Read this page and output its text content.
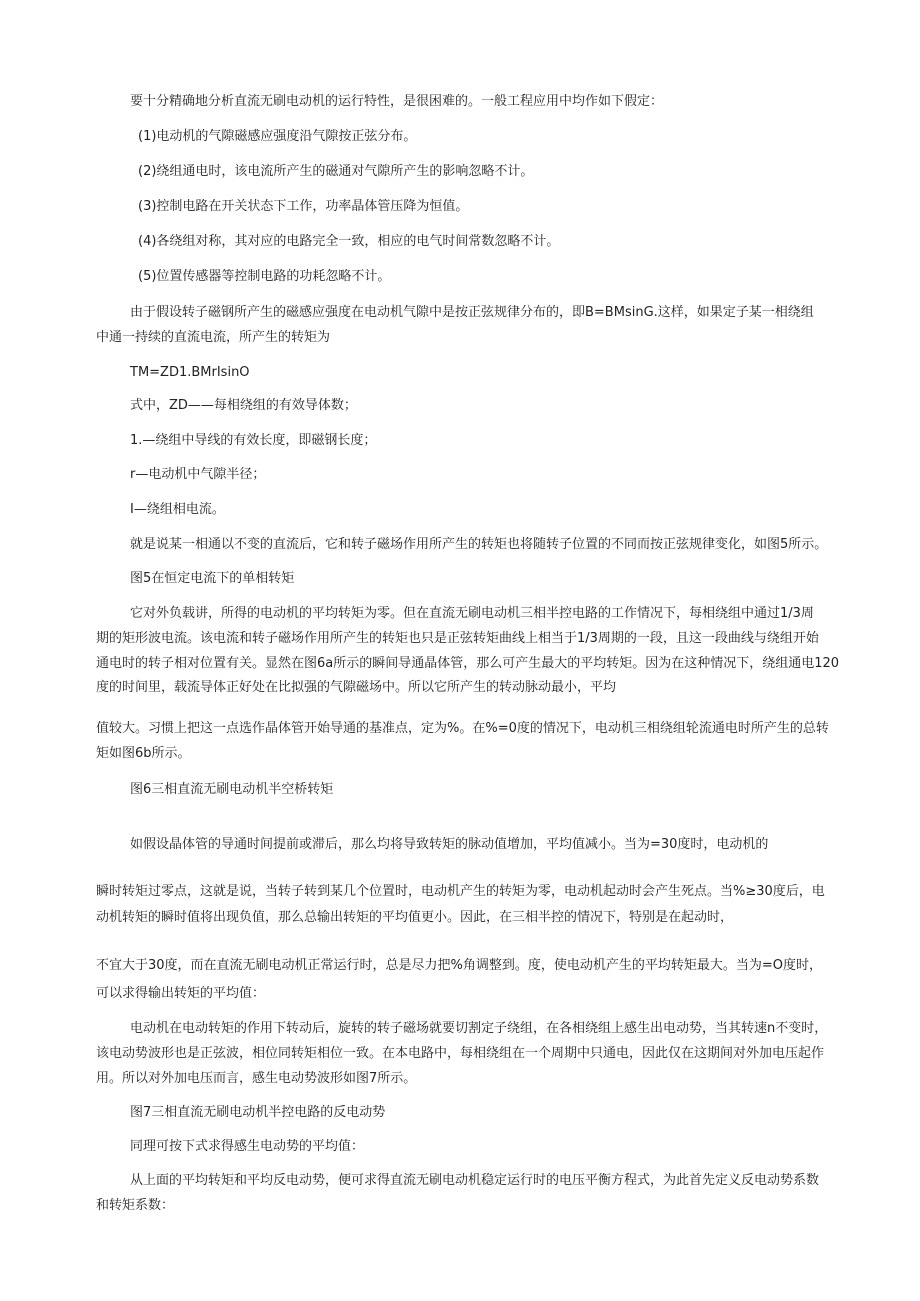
要十分精确地分析直流无刷电动机的运行特性，是很困难的。一般工程应用中均作如下假定：

(1)电动机的气隙磁感应强度沿气隙按正弦分布。

(2)绕组通电时，该电流所产生的磁通对气隙所产生的影响忽略不计。

(3)控制电路在开关状态下工作，功率晶体管压降为恒值。

(4)各绕组对称，其对应的电路完全一致，相应的电气时间常数忽略不计。

(5)位置传感器等控制电路的功耗忽略不计。

由于假设转子磁钢所产生的磁感应强度在电动机气隙中是按正弦规律分布的，即B=BMsinG.这样，如果定子某一相绕组

中通一持续的直流电流，所产生的转矩为

TM=ZD1.BMrIsinO

式中，ZD——每相绕组的有效导体数；

1.—绕组中导线的有效长度，即磁钢长度；

r—电动机中气隙半径；

I—绕组相电流。

就是说某一相通以不变的直流后，它和转子磁场作用所产生的转矩也将随转子位置的不同而按正弦规律变化，如图5所示。

图5在恒定电流下的单相转矩

它对外负载讲，所得的电动机的平均转矩为零。但在直流无刷电动机三相半控电路的工作情况下，每相绕组中通过1/3周

期的矩形波电流。该电流和转子磁场作用所产生的转矩也只是正弦转矩曲线上相当于1/3周期的一段，且这一段曲线与绕组开始

通电时的转子相对位置有关。显然在图6a所示的瞬间导通晶体管，那么可产生最大的平均转矩。因为在这种情况下，绕组通电120

度的时间里，载流导体正好处在比拟强的气隙磁场中。所以它所产生的转动脉动最小，平均

值较大。习惯上把这一点选作晶体管开始导通的基准点，定为%。在%=0度的情况下，电动机三相绕组轮流通电时所产生的总转

矩如图6b所示。

图6三相直流无刷电动机半空桥转矩

如假设晶体管的导通时间提前或滞后，那么均将导致转矩的脉动值增加，平均值减小。当为=30度时，电动机的

瞬时转矩过零点，这就是说，当转子转到某几个位置时，电动机产生的转矩为零，电动机起动时会产生死点。当%≥30度后，电

动机转矩的瞬时值将出现负值，那么总输出转矩的平均值更小。因此，在三相半控的情况下，特别是在起动时，

不宜大于30度，而在直流无刷电动机正常运行时，总是尽力把%角调整到。度，使电动机产生的平均转矩最大。当为=O度时，

可以求得输出转矩的平均值：

电动机在电动转矩的作用下转动后，旋转的转子磁场就要切割定子绕组，在各相绕组上感生出电动势，当其转速n不变时，

该电动势波形也是正弦波，相位同转矩相位一致。在本电路中，每相绕组在一个周期中只通电，因此仅在这期间对外加电压起作

用。所以对外加电压而言，感生电动势波形如图7所示。

图7三相直流无刷电动机半控电路的反电动势

同理可按下式求得感生电动势的平均值：

从上面的平均转矩和平均反电动势，便可求得直流无刷电动机稳定运行时的电压平衡方程式，为此首先定义反电动势系数

和转矩系数：
